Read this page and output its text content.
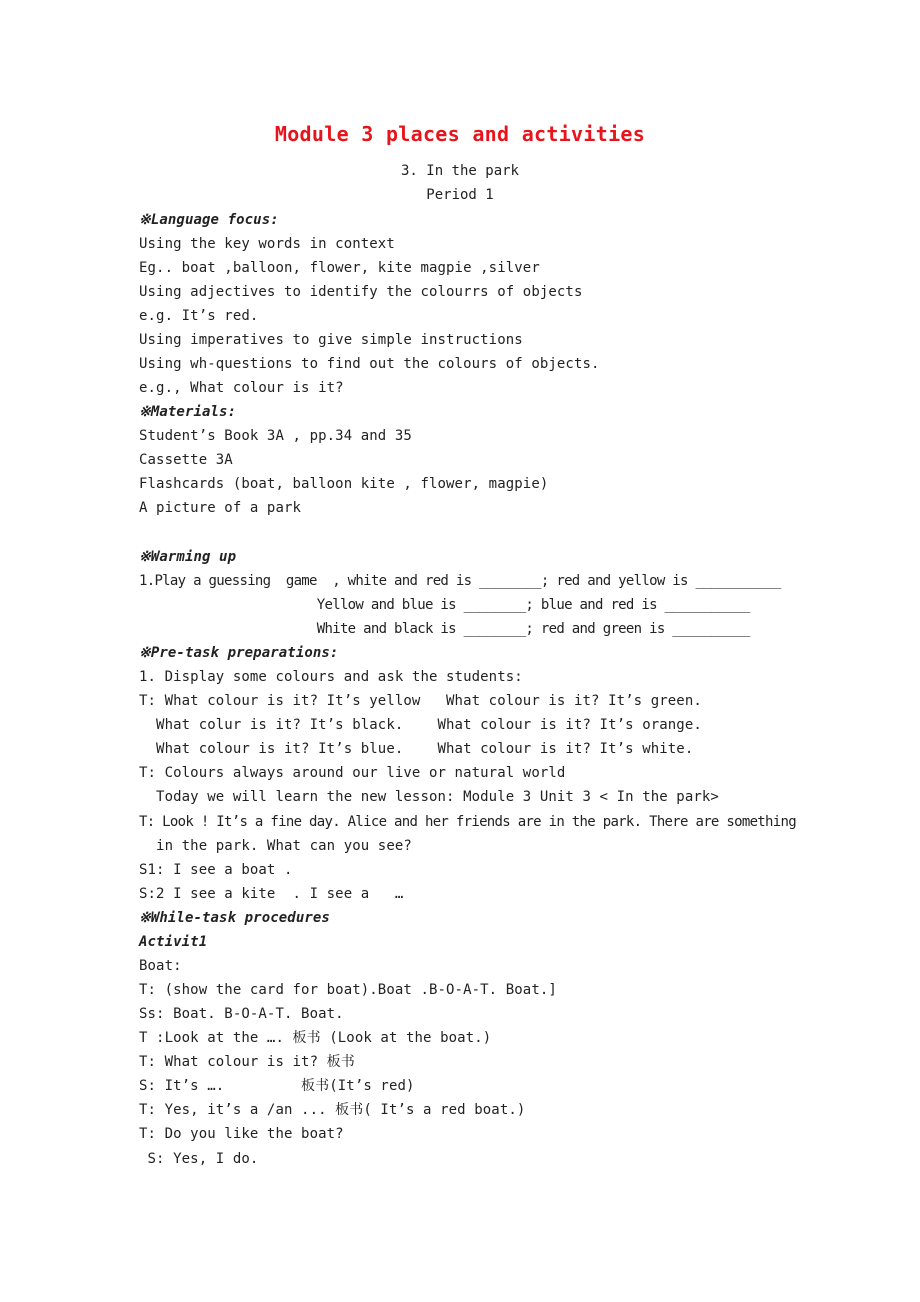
Module 3 places and activities
3. In the park
Period 1
※Language focus:
Using the key words in context
Eg.. boat ,balloon, flower, kite magpie ,silver
Using adjectives to identify the colourrs of objects
e.g. It’s red.
Using imperatives to give simple instructions
Using wh-questions to find out the colours of objects.
e.g., What colour is it?
※Materials:
Student’s Book 3A , pp.34 and 35
Cassette 3A
Flashcards (boat, balloon kite , flower, magpie)
A picture of a park
※Warming up
1.Play a guessing  game  , white and red is ________; red and yellow is ___________
Yellow and blue is ________; blue and red is ___________
White and black is ________; red and green is __________
※Pre-task preparations:
1. Display some colours and ask the students:
T: What colour is it? It’s yellow   What colour is it? It’s green.
What colur is it? It’s black.    What colour is it? It’s orange.
What colour is it? It’s blue.    What colour is it? It’s white.
T: Colours always around our live or natural world
Today we will learn the new lesson: Module 3 Unit 3 < In the park>
T: Look ! It’s a fine day. Alice and her friends are in the park. There are something
in the park. What can you see?
S1: I see a boat .
S:2 I see a kite  . I see a   …
※While-task procedures
Activit1
Boat:
T: (show the card for boat).Boat .B-O-A-T. Boat.]
Ss: Boat. B-O-A-T. Boat.
T :Look at the …. 板书 (Look at the boat.)
T: What colour is it? 板书
S: It’s ….         板书(It’s red)
T: Yes, it’s a /an ... 板书( It’s a red boat.)
T: Do you like the boat?
S: Yes, I do.
